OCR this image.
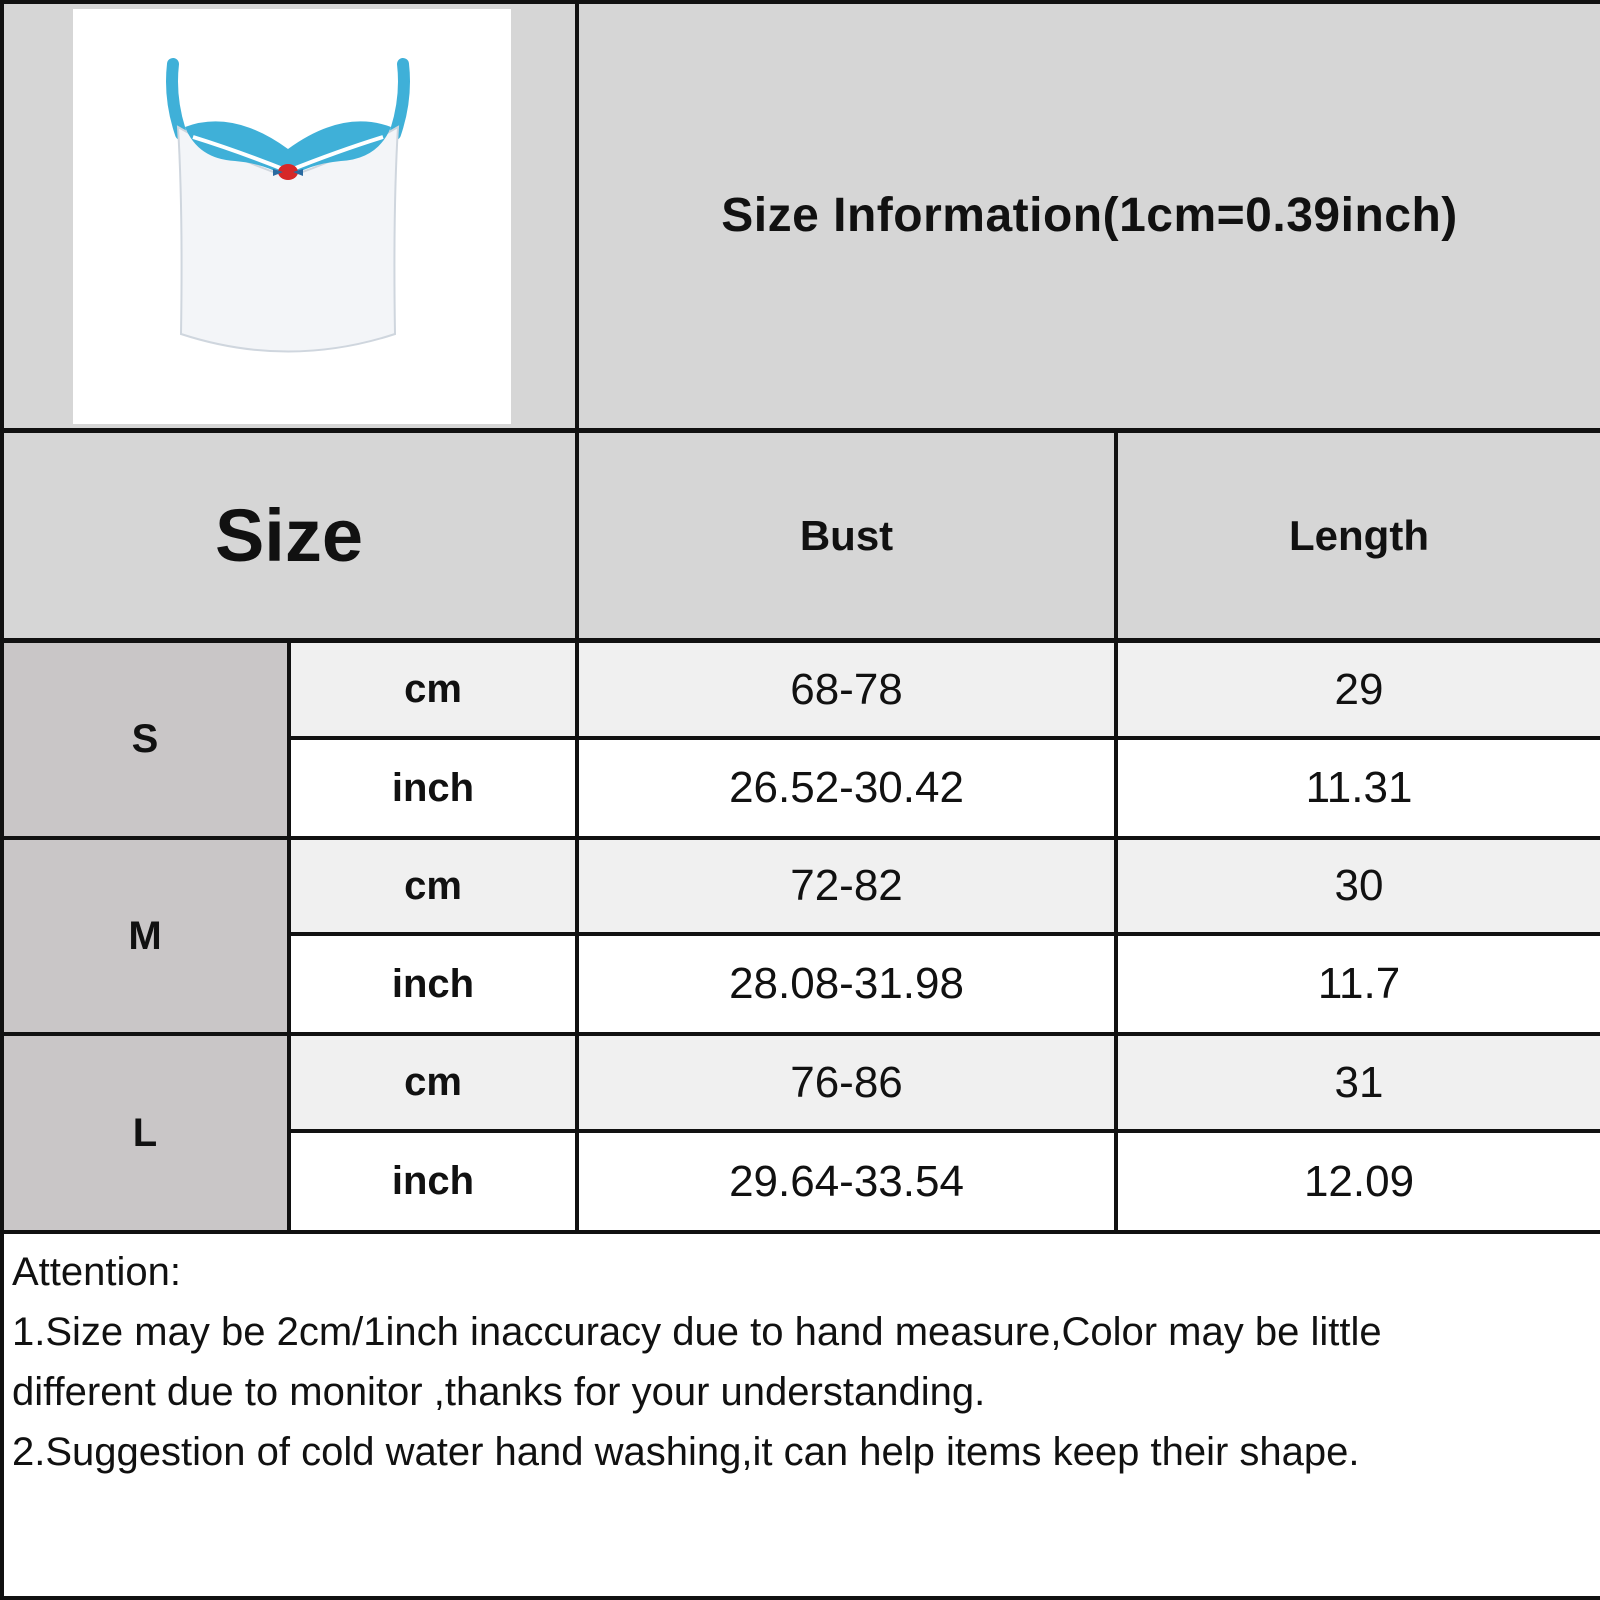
Size Information(1cm=0.39inch)
Size	Bust	Length
S
cm	68-78	29
inch	26.52-30.42	11.31
M
cm	72-82	30
inch	28.08-31.98	11.7
L
cm	76-86	31
inch	29.64-33.54	12.09
Attention:
1.Size may be 2cm/1inch inaccuracy due to hand measure,Color may be little
different due to monitor ,thanks for your understanding.
2.Suggestion of cold water hand washing,it can help items keep their shape.
